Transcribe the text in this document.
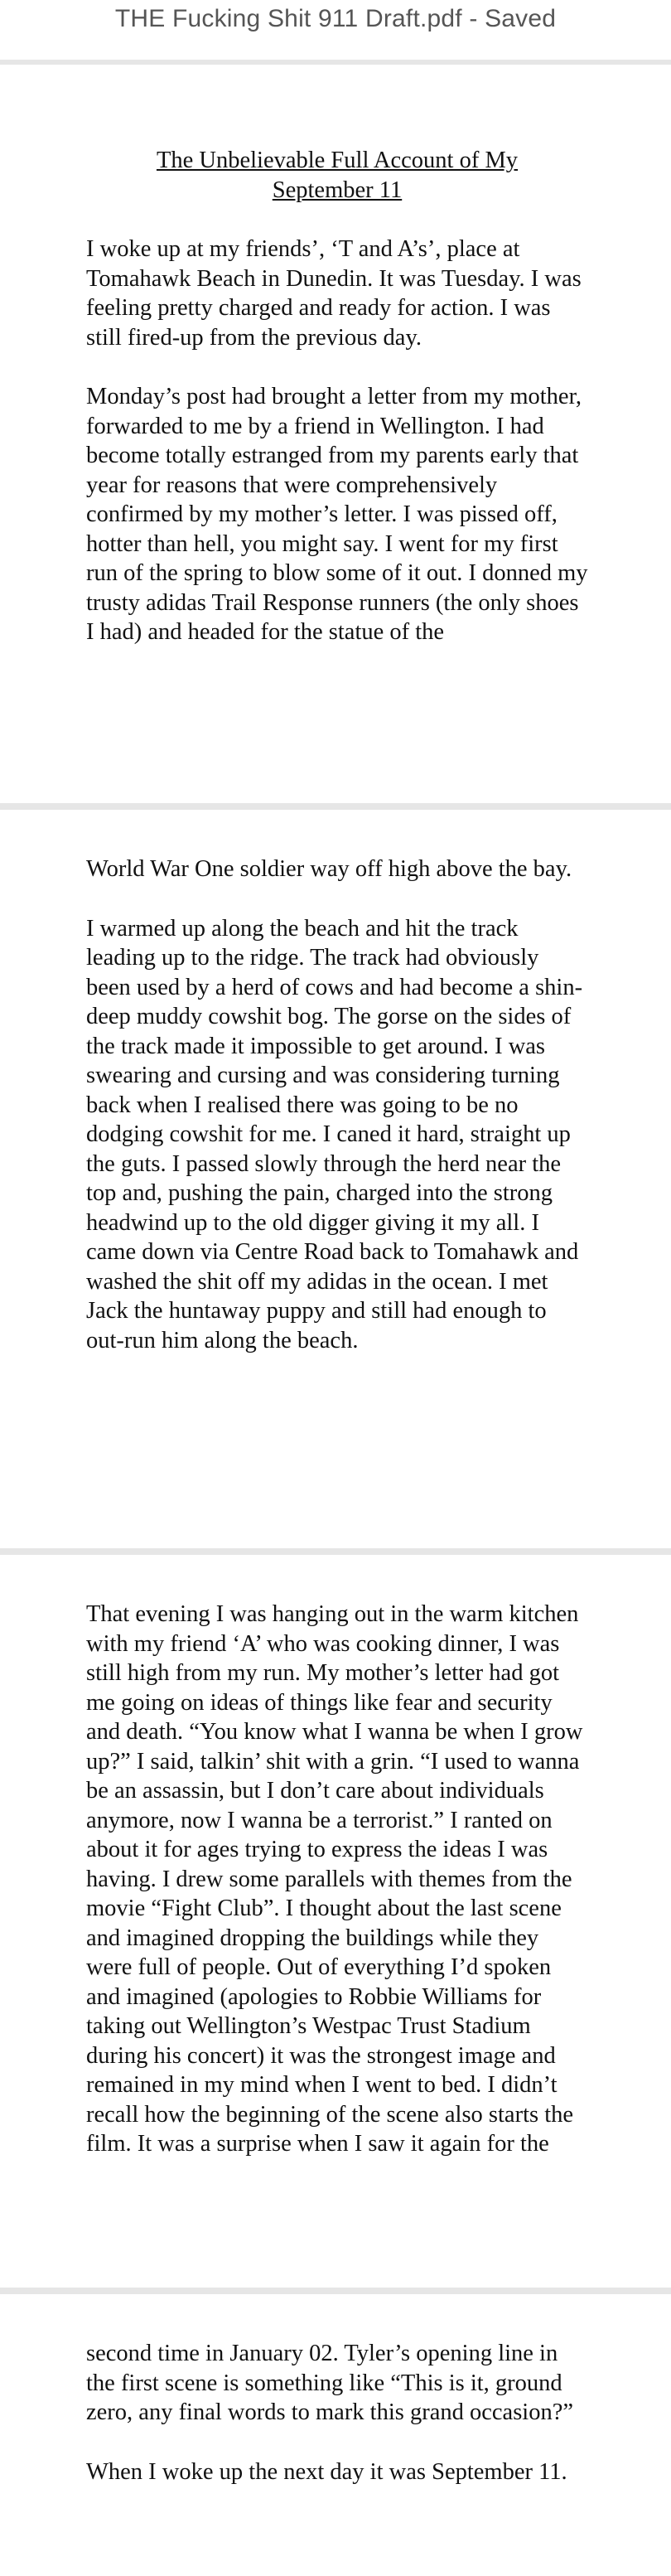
THE Fucking Shit 911 Draft.pdf - Saved
The Unbelievable Full Account of My
September 11

I woke up at my friends’, ‘T and A’s’, place at Tomahawk Beach in Dunedin. It was Tuesday. I was feeling pretty charged and ready for action. I was still fired-up from the previous day.

Monday’s post had brought a letter from my mother, forwarded to me by a friend in Wellington. I had become totally estranged from my parents early that year for reasons that were comprehensively confirmed by my mother’s letter. I was pissed off, hotter than hell, you might say. I went for my first run of the spring to blow some of it out. I donned my trusty adidas Trail Response runners (the only shoes I had) and headed for the statue of the

World War One soldier way off high above the bay.

I warmed up along the beach and hit the track leading up to the ridge. The track had obviously been used by a herd of cows and had become a shin-deep muddy cowshit bog. The gorse on the sides of the track made it impossible to get around. I was swearing and cursing and was considering turning back when I realised there was going to be no dodging cowshit for me. I caned it hard, straight up the guts. I passed slowly through the herd near the top and, pushing the pain, charged into the strong headwind up to the old digger giving it my all. I came down via Centre Road back to Tomahawk and washed the shit off my adidas in the ocean. I met Jack the huntaway puppy and still had enough to out-run him along the beach.

That evening I was hanging out in the warm kitchen with my friend ‘A’ who was cooking dinner, I was still high from my run. My mother’s letter had got me going on ideas of things like fear and security and death. “You know what I wanna be when I grow up?” I said, talkin’ shit with a grin. “I used to wanna be an assassin, but I don’t care about individuals anymore, now I wanna be a terrorist.” I ranted on about it for ages trying to express the ideas I was having. I drew some parallels with themes from the movie “Fight Club”. I thought about the last scene and imagined dropping the buildings while they were full of people. Out of everything I’d spoken and imagined (apologies to Robbie Williams for taking out Wellington’s Westpac Trust Stadium during his concert) it was the strongest image and remained in my mind when I went to bed. I didn’t recall how the beginning of the scene also starts the film. It was a surprise when I saw it again for the

second time in January 02. Tyler’s opening line in the first scene is something like “This is it, ground zero, any final words to mark this grand occasion?”

When I woke up the next day it was September 11.
